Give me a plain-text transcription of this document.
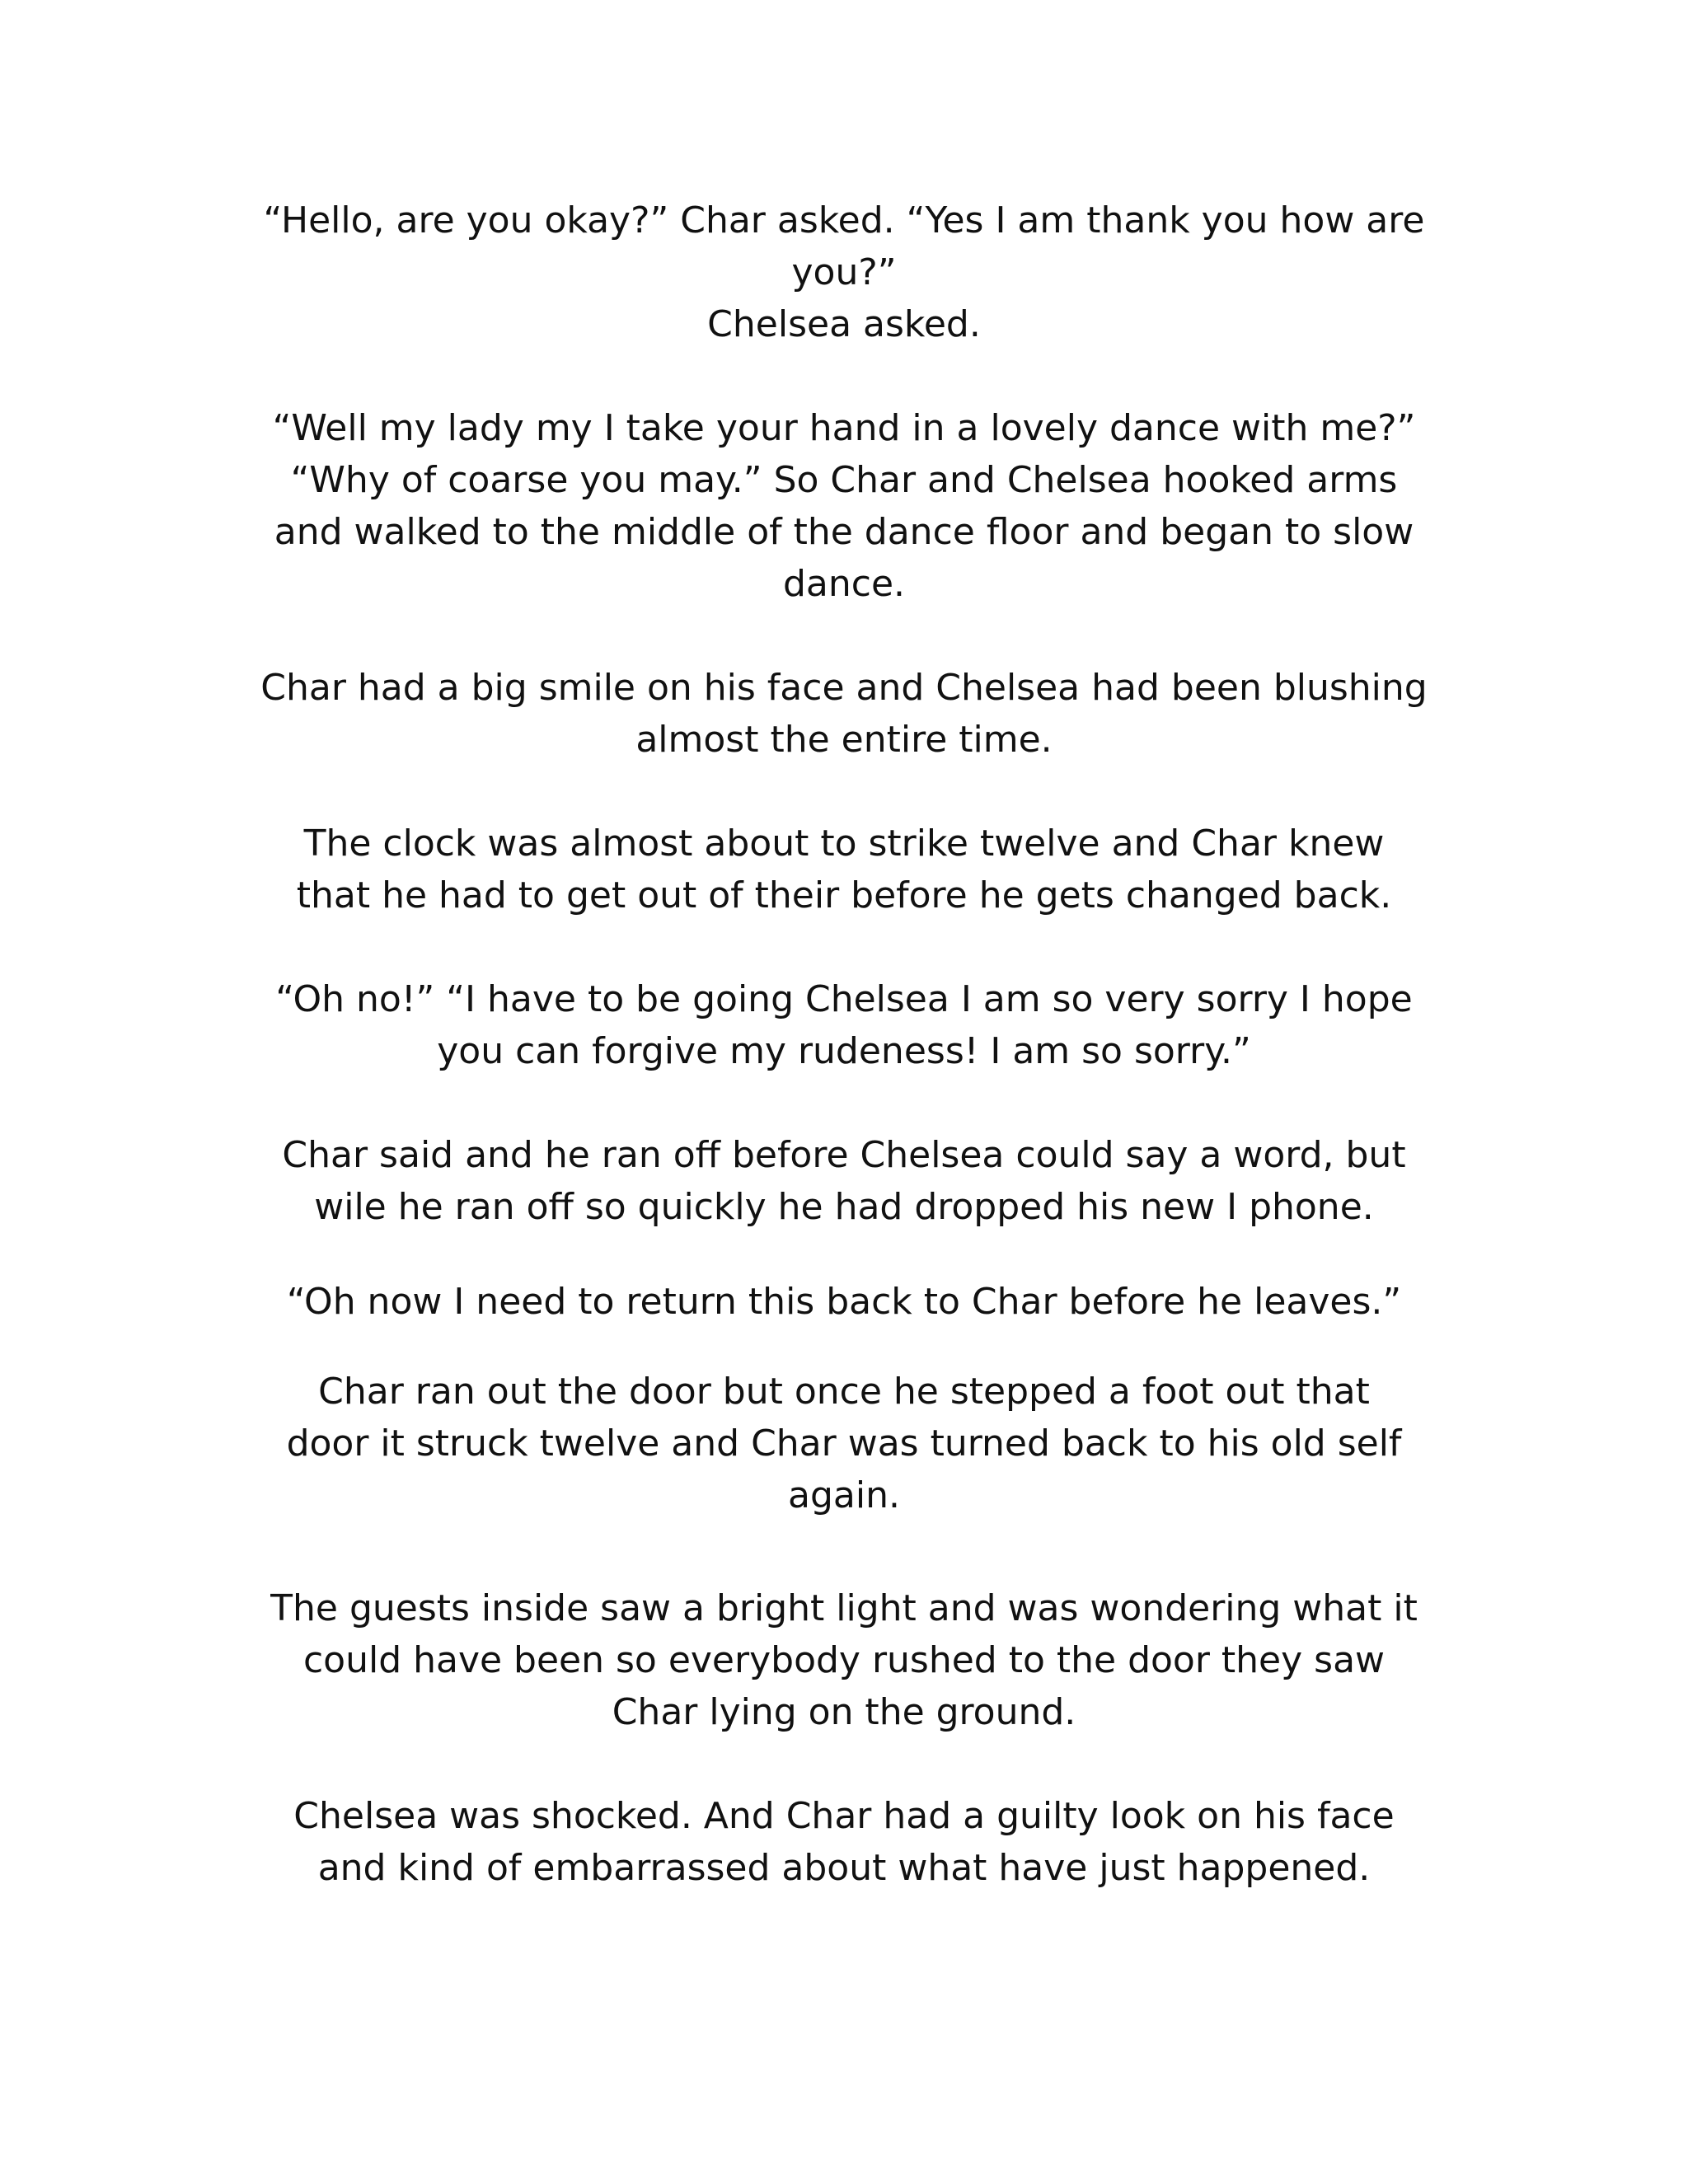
“Hello, are you okay?” Char asked. “Yes I am thank you how are
you?”
Chelsea asked.

“Well my lady my I take your hand in a lovely dance with me?”
“Why of coarse you may.” So Char and Chelsea hooked arms
and walked to the middle of the dance floor and began to slow
dance.

Char had a big smile on his face and Chelsea had been blushing
almost the entire time.

The clock was almost about to strike twelve and Char knew
that he had to get out of their before he gets changed back.

“Oh no!” “I have to be going Chelsea I am so very sorry I hope
you can forgive my rudeness! I am so sorry.”

Char said and he ran off before Chelsea could say a word, but
wile he ran off so quickly he had dropped his new I phone.

“Oh now I need to return this back to Char before he leaves.”

Char ran out the door but once he stepped a foot out that
door it struck twelve and Char was turned back to his old self
again.

The guests inside saw a bright light and was wondering what it
could have been so everybody rushed to the door they saw
Char lying on the ground.

Chelsea was shocked. And Char had a guilty look on his face
and kind of embarrassed about what have just happened.
